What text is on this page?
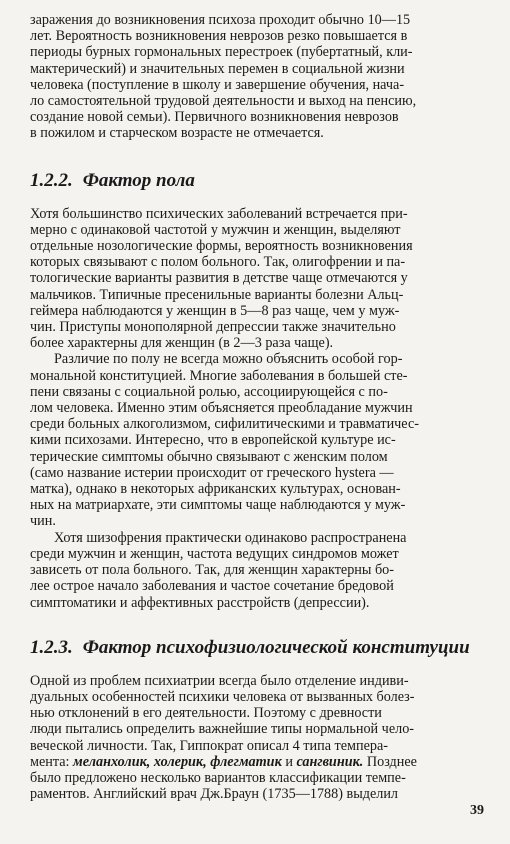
заражения до возникновения психоза проходит обычно 10—15
лет. Вероятность возникновения неврозов резко повышается в
периоды бурных гормональных перестроек (пубертатный, кли-
мактерический) и значительных перемен в социальной жизни
человека (поступление в школу и завершение обучения, нача-
ло самостоятельной трудовой деятельности и выход на пенсию,
создание новой семьи). Первичного возникновения неврозов
в пожилом и старческом возрасте не отмечается.

1.2.2. Фактор пола

Хотя большинство психических заболеваний встречается при-
мерно с одинаковой частотой у мужчин и женщин, выделяют
отдельные нозологические формы, вероятность возникновения
которых связывают с полом больного. Так, олигофрении и па-
тологические варианты развития в детстве чаще отмечаются у
мальчиков. Типичные пресенильные варианты болезни Альц-
геймера наблюдаются у женщин в 5—8 раз чаще, чем у муж-
чин. Приступы монополярной депрессии также значительно
более характерны для женщин (в 2—3 раза чаще).

Различие по полу не всегда можно объяснить особой гор-
мональной конституцией. Многие заболевания в большей сте-
пени связаны с социальной ролью, ассоциирующейся с по-
лом человека. Именно этим объясняется преобладание мужчин
среди больных алкоголизмом, сифилитическими и травматичес-
кими психозами. Интересно, что в европейской культуре ис-
терические симптомы обычно связывают с женским полом
(само название истерии происходит от греческого hystera —
матка), однако в некоторых африканских культурах, основан-
ных на матриархате, эти симптомы чаще наблюдаются у муж-
чин.

Хотя шизофрения практически одинаково распространена
среди мужчин и женщин, частота ведущих синдромов может
зависеть от пола больного. Так, для женщин характерны бо-
лее острое начало заболевания и частое сочетание бредовой
симптоматики и аффективных расстройств (депрессии).

1.2.3. Фактор психофизиологической конституции

Одной из проблем психиатрии всегда было отделение индиви-
дуальных особенностей психики человека от вызванных болез-
нью отклонений в его деятельности. Поэтому с древности
люди пытались определить важнейшие типы нормальной чело-
веческой личности. Так, Гиппократ описал 4 типа темпера-
мента: меланхолик, холерик, флегматик и сангвиник. Позднее
было предложено несколько вариантов классификации темпе-
раментов. Английский врач Дж.Браун (1735—1788) выделил

39
